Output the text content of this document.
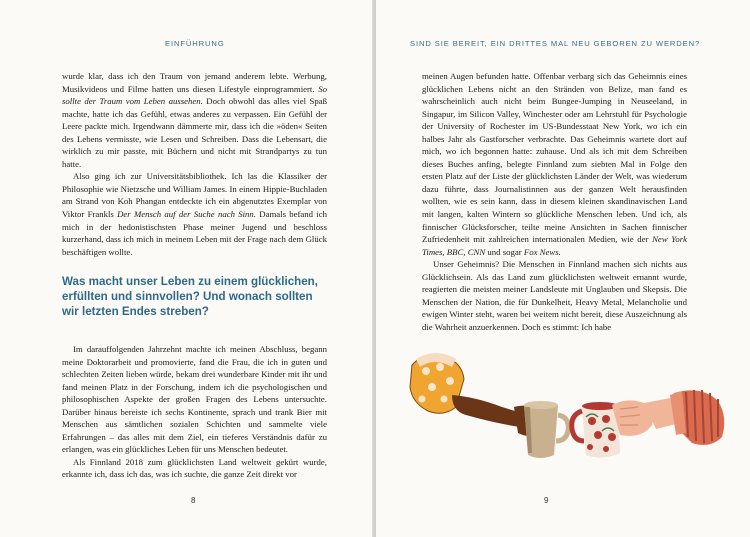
EINFÜHRUNG

wurde klar, dass ich den Traum von jemand anderem lebte. Werbung, Musikvideos und Filme hatten uns diesen Lifestyle einprogrammiert. So sollte der Traum vom Leben aussehen. Doch obwohl das alles viel Spaß machte, hatte ich das Gefühl, etwas anderes zu verpassen. Ein Gefühl der Leere packte mich. Irgendwann dämmerte mir, dass ich die »öden« Seiten des Lebens vermisste, wie Lesen und Schreiben. Dass die Lebensart, die wirklich zu mir passte, mit Büchern und nicht mit Strandpartys zu tun hatte.

Also ging ich zur Universitätsbibliothek. Ich las die Klassiker der Philosophie wie Nietzsche und William James. In einem Hippie-Buchladen am Strand von Koh Phangan entdeckte ich ein abgenutztes Exemplar von Viktor Frankls Der Mensch auf der Suche nach Sinn. Damals befand ich mich in der hedonistischsten Phase meiner Jugend und beschloss kurzerhand, dass ich mich in meinem Leben mit der Frage nach dem Glück beschäftigen wollte.

Was macht unser Leben zu einem glücklichen, erfüllten und sinnvollen? Und wonach sollten wir letzten Endes streben?

Im darauffolgenden Jahrzehnt machte ich meinen Abschluss, begann meine Doktorarbeit und promovierte, fand die Frau, die ich in guten und schlechten Zeiten lieben würde, bekam drei wunderbare Kinder mit ihr und fand meinen Platz in der Forschung, indem ich die psychologischen und philosophischen Aspekte der großen Fragen des Lebens untersuchte. Darüber hinaus bereiste ich sechs Kontinente, sprach und trank Bier mit Menschen aus sämtlichen sozialen Schichten und sammelte viele Erfahrungen – das alles mit dem Ziel, ein tieferes Verständnis dafür zu erlangen, was ein glückliches Leben für uns Menschen bedeutet.

Als Finnland 2018 zum glücklichsten Land weltweit gekürt wurde, erkannte ich, dass ich das, was ich suchte, die ganze Zeit direkt vor

8
SIND SIE BEREIT, EIN DRITTES MAL NEU GEBOREN ZU WERDEN?

meinen Augen befunden hatte. Offenbar verbarg sich das Geheimnis eines glücklichen Lebens nicht an den Stränden von Belize, man fand es wahrscheinlich auch nicht beim Bungee-Jumping in Neuseeland, in Singapur, im Silicon Valley, Winchester oder am Lehrstuhl für Psychologie der University of Rochester im US-Bundesstaat New York, wo ich ein halbes Jahr als Gastforscher verbrachte. Das Geheimnis wartete dort auf mich, wo ich begonnen hatte: zuhause. Und als ich mit dem Schreiben dieses Buches anfing, belegte Finnland zum siebten Mal in Folge den ersten Platz auf der Liste der glücklichsten Länder der Welt, was wiederum dazu führte, dass Journalistinnen aus der ganzen Welt herausfinden wollten, wie es sein kann, dass in diesem kleinen skandinavischen Land mit langen, kalten Wintern so glückliche Menschen leben. Und ich, als finnischer Glücksforscher, teilte meine Ansichten in Sachen finnischer Zufriedenheit mit zahlreichen internationalen Medien, wie der New York Times, BBC, CNN und sogar Fox News.

Unser Geheimnis? Die Menschen in Finnland machen sich nichts aus Glücklichsein. Als das Land zum glücklichsten weltweit ernannt wurde, reagierten die meisten meiner Landsleute mit Unglauben und Skepsis. Die Menschen der Nation, die für Dunkelheit, Heavy Metal, Melancholie und ewigen Winter steht, waren bei weitem nicht bereit, diese Auszeichnung als die Wahrheit anzuerkennen. Doch es stimmt: Ich habe

9
